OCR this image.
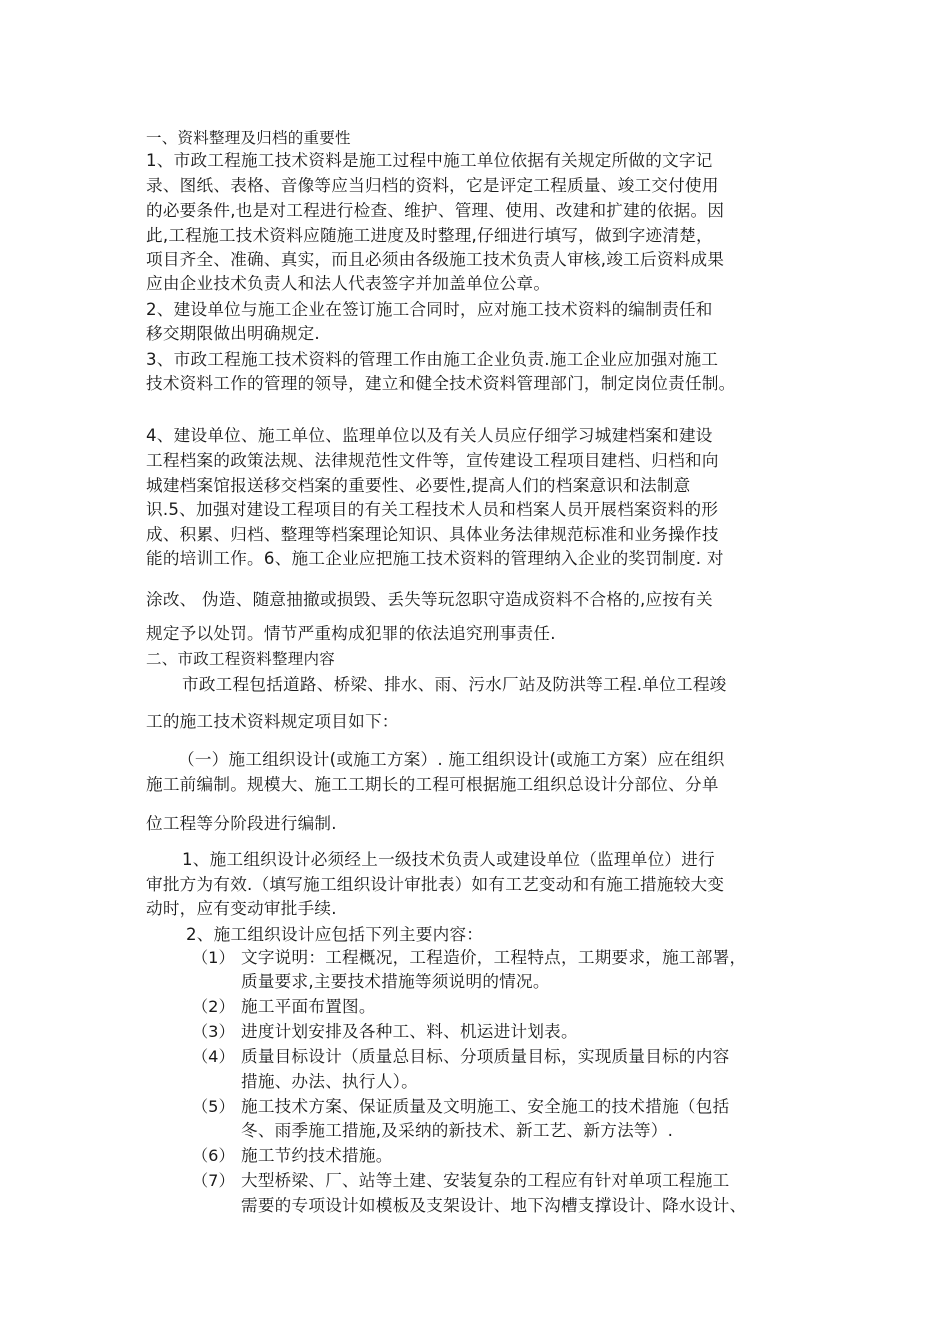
一、资料整理及归档的重要性
1、市政工程施工技术资料是施工过程中施工单位依据有关规定所做的文字记
录、图纸、表格、音像等应当归档的资料，它是评定工程质量、竣工交付使用
的必要条件,也是对工程进行检查、维护、管理、使用、改建和扩建的依据。因
此,工程施工技术资料应随施工进度及时整理,仔细进行填写，做到字迹清楚，
项目齐全、准确、真实，而且必须由各级施工技术负责人审核,竣工后资料成果
应由企业技术负责人和法人代表签字并加盖单位公章。
2、建设单位与施工企业在签订施工合同时，应对施工技术资料的编制责任和
移交期限做出明确规定.
3、市政工程施工技术资料的管理工作由施工企业负责.施工企业应加强对施工
技术资料工作的管理的领导，建立和健全技术资料管理部门，制定岗位责任制。
4、建设单位、施工单位、监理单位以及有关人员应仔细学习城建档案和建设
工程档案的政策法规、法律规范性文件等，宣传建设工程项目建档、归档和向
城建档案馆报送移交档案的重要性、必要性,提高人们的档案意识和法制意
识.5、加强对建设工程项目的有关工程技术人员和档案人员开展档案资料的形
成、积累、归档、整理等档案理论知识、具体业务法律规范标准和业务操作技
能的培训工作。6、施工企业应把施工技术资料的管理纳入企业的奖罚制度. 对
涂改、 伪造、随意抽撤或损毁、丢失等玩忽职守造成资料不合格的,应按有关
规定予以处罚。情节严重构成犯罪的依法追究刑事责任.
二、市政工程资料整理内容
市政工程包括道路、桥梁、排水、雨、污水厂站及防洪等工程.单位工程竣
工的施工技术资料规定项目如下：
（一）施工组织设计(或施工方案）. 施工组织设计(或施工方案）应在组织
施工前编制。规模大、施工工期长的工程可根据施工组织总设计分部位、分单
位工程等分阶段进行编制.
1、施工组织设计必须经上一级技术负责人或建设单位（监理单位）进行
审批方为有效.（填写施工组织设计审批表）如有工艺变动和有施工措施较大变
动时，应有变动审批手续.
2、施工组织设计应包括下列主要内容：
（1） 文字说明：工程概况，工程造价，工程特点，工期要求，施工部署，
质量要求,主要技术措施等须说明的情况。
（2） 施工平面布置图。
（3） 进度计划安排及各种工、料、机运进计划表。
（4） 质量目标设计（质量总目标、分项质量目标，实现质量目标的内容
措施、办法、执行人）。
（5） 施工技术方案、保证质量及文明施工、安全施工的技术措施（包括
冬、雨季施工措施,及采纳的新技术、新工艺、新方法等）.
（6） 施工节约技术措施。
（7） 大型桥梁、厂、站等土建、安装复杂的工程应有针对单项工程施工
需要的专项设计如模板及支架设计、地下沟槽支撑设计、降水设计、
